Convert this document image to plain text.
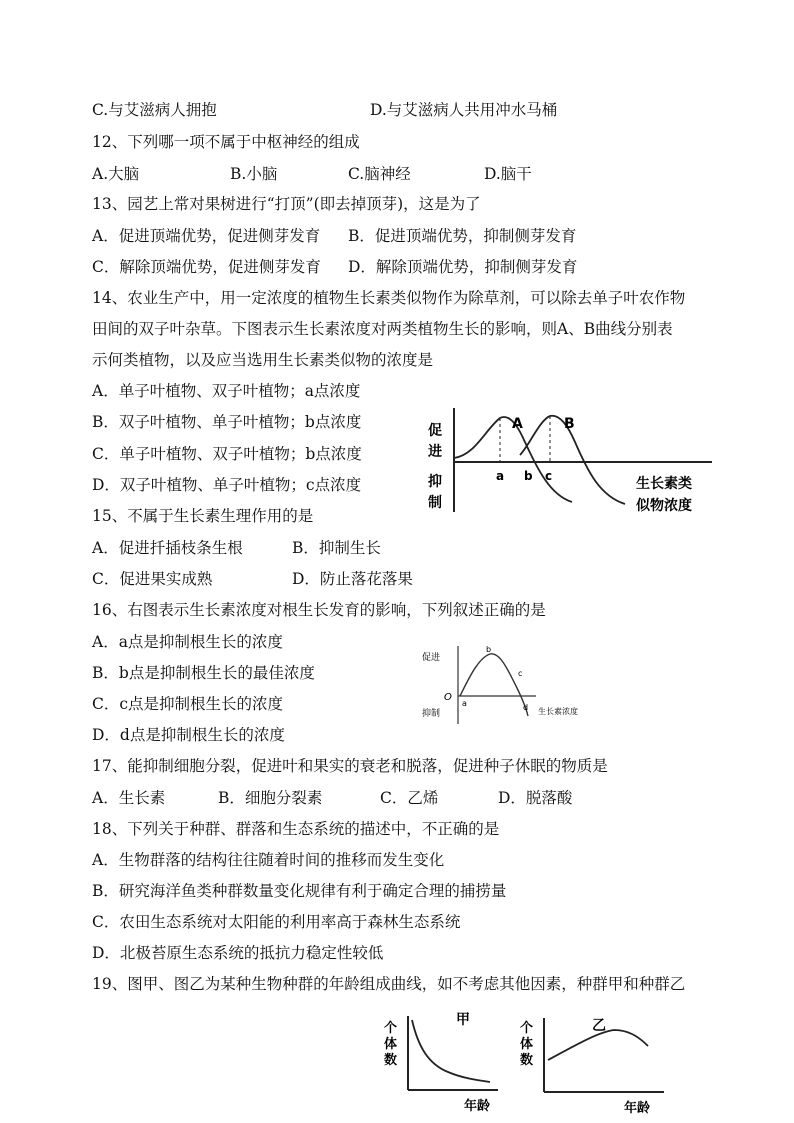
C.与艾滋病人拥抱	D.与艾滋病人共用冲水马桶
12、下列哪一项不属于中枢神经的组成
A.大脑	B.小脑	C.脑神经	D.脑干
13、园艺上常对果树进行“打顶”(即去掉顶芽)，这是为了
A．促进顶端优势，促进侧芽发育 B．促进顶端优势，抑制侧芽发育
C．解除顶端优势，促进侧芽发育 D．解除顶端优势，抑制侧芽发育
14、农业生产中，用一定浓度的植物生长素类似物作为除草剂，可以除去单子叶农作物
田间的双子叶杂草。下图表示生长素浓度对两类植物生长的影响，则A、B曲线分别表
示何类植物，以及应当选用生长素类似物的浓度是
A．单子叶植物、双子叶植物；a点浓度
B．双子叶植物、单子叶植物；b点浓度
C．单子叶植物、双子叶植物；b点浓度
D．双子叶植物、单子叶植物；c点浓度
A	B
a b c
促
进
抑
制
生长素类
似物浓度
15、不属于生长素生理作用的是
A．促进扦插枝条生根	B．抑制生长
C．促进果实成熟	D．防止落花落果
16、右图表示生长素浓度对根生长发育的影响，下列叙述正确的是
A．a点是抑制根生长的浓度
B．b点是抑制根生长的最佳浓度
C．c点是抑制根生长的浓度
D．d点是抑制根生长的浓度
促进
抑制
O
a
b
c
d 生长素浓度
17、能抑制细胞分裂，促进叶和果实的衰老和脱落，促进种子休眠的物质是
A．生长素	B．细胞分裂素	C．乙烯	D．脱落酸
18、下列关于种群、群落和生态系统的描述中，不正确的是
A．生物群落的结构往往随着时间的推移而发生变化
B．研究海洋鱼类种群数量变化规律有利于确定合理的捕捞量
C．农田生态系统对太阳能的利用率高于森林生态系统
D．北极苔原生态系统的抵抗力稳定性较低
19、图甲、图乙为某种生物种群的年龄组成曲线，如不考虑其他因素，种群甲和种群乙
甲
个
体
数
年龄
乙
个
体
数
年龄
